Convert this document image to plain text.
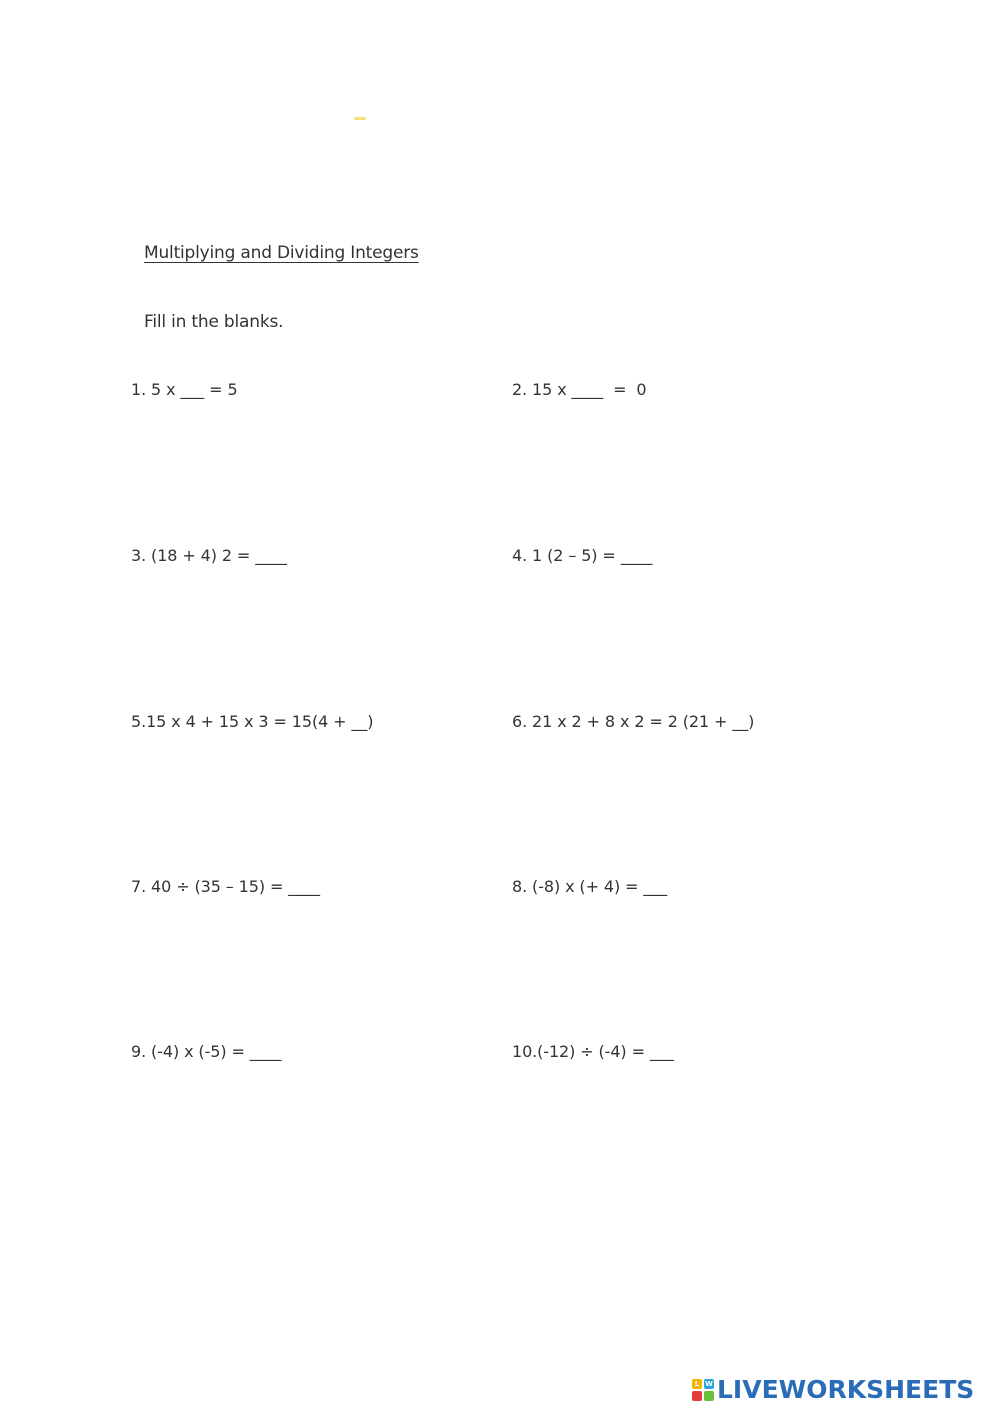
Multiplying and Dividing Integers
Fill in the blanks.
1. 5 x ___ = 5	2. 15 x ____  =  0
3. (18 + 4) 2 = ____	4. 1 (2 – 5) = ____
5.15 x 4 + 15 x 3 = 15(4 + __)	6. 21 x 2 + 8 x 2 = 2 (21 + __)
7. 40 ÷ (35 – 15) = ____	8. (-8) x (+ 4) = ___
9. (-4) x (-5) = ____	10.(-12) ÷ (-4) = ___
L W LIVEWORKSHEETS
